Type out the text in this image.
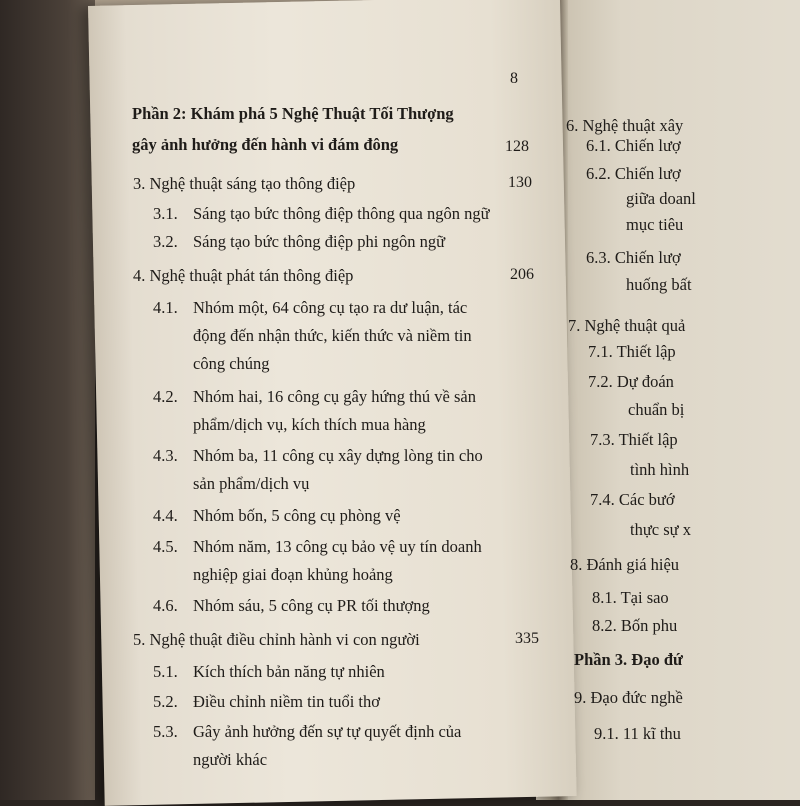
8
Phần 2: Khám phá 5 Nghệ Thuật Tối Thượng
gây ảnh hưởng đến hành vi đám đông	128
3. Nghệ thuật sáng tạo thông điệp	130
3.1. Sáng tạo bức thông điệp thông qua ngôn ngữ
3.2. Sáng tạo bức thông điệp phi ngôn ngữ
4. Nghệ thuật phát tán thông điệp	206
4.1. Nhóm một, 64 công cụ tạo ra dư luận, tác
động đến nhận thức, kiến thức và niềm tin
công chúng
4.2. Nhóm hai, 16 công cụ gây hứng thú về sản
phẩm/dịch vụ, kích thích mua hàng
4.3. Nhóm ba, 11 công cụ xây dựng lòng tin cho
sản phẩm/dịch vụ
4.4. Nhóm bốn, 5 công cụ phòng vệ
4.5. Nhóm năm, 13 công cụ bảo vệ uy tín doanh
nghiệp giai đoạn khủng hoảng
4.6. Nhóm sáu, 5 công cụ PR tối thượng
5. Nghệ thuật điều chỉnh hành vi con người	335
5.1. Kích thích bản năng tự nhiên
5.2. Điều chỉnh niềm tin tuổi thơ
5.3. Gây ảnh hưởng đến sự tự quyết định của
người khác
6. Nghệ thuật xây
6.1. Chiến lượ
6.2. Chiến lượ
giữa doanl
mục tiêu
6.3. Chiến lượ
huống bất
7. Nghệ thuật quả
7.1. Thiết lập
7.2. Dự đoán
chuẩn bị
7.3. Thiết lập
tình hình
7.4. Các bướ
thực sự x
8. Đánh giá hiệu
8.1. Tại sao
8.2. Bốn phu
Phần 3. Đạo đứ
9. Đạo đức nghề
9.1. 11 kĩ thu
